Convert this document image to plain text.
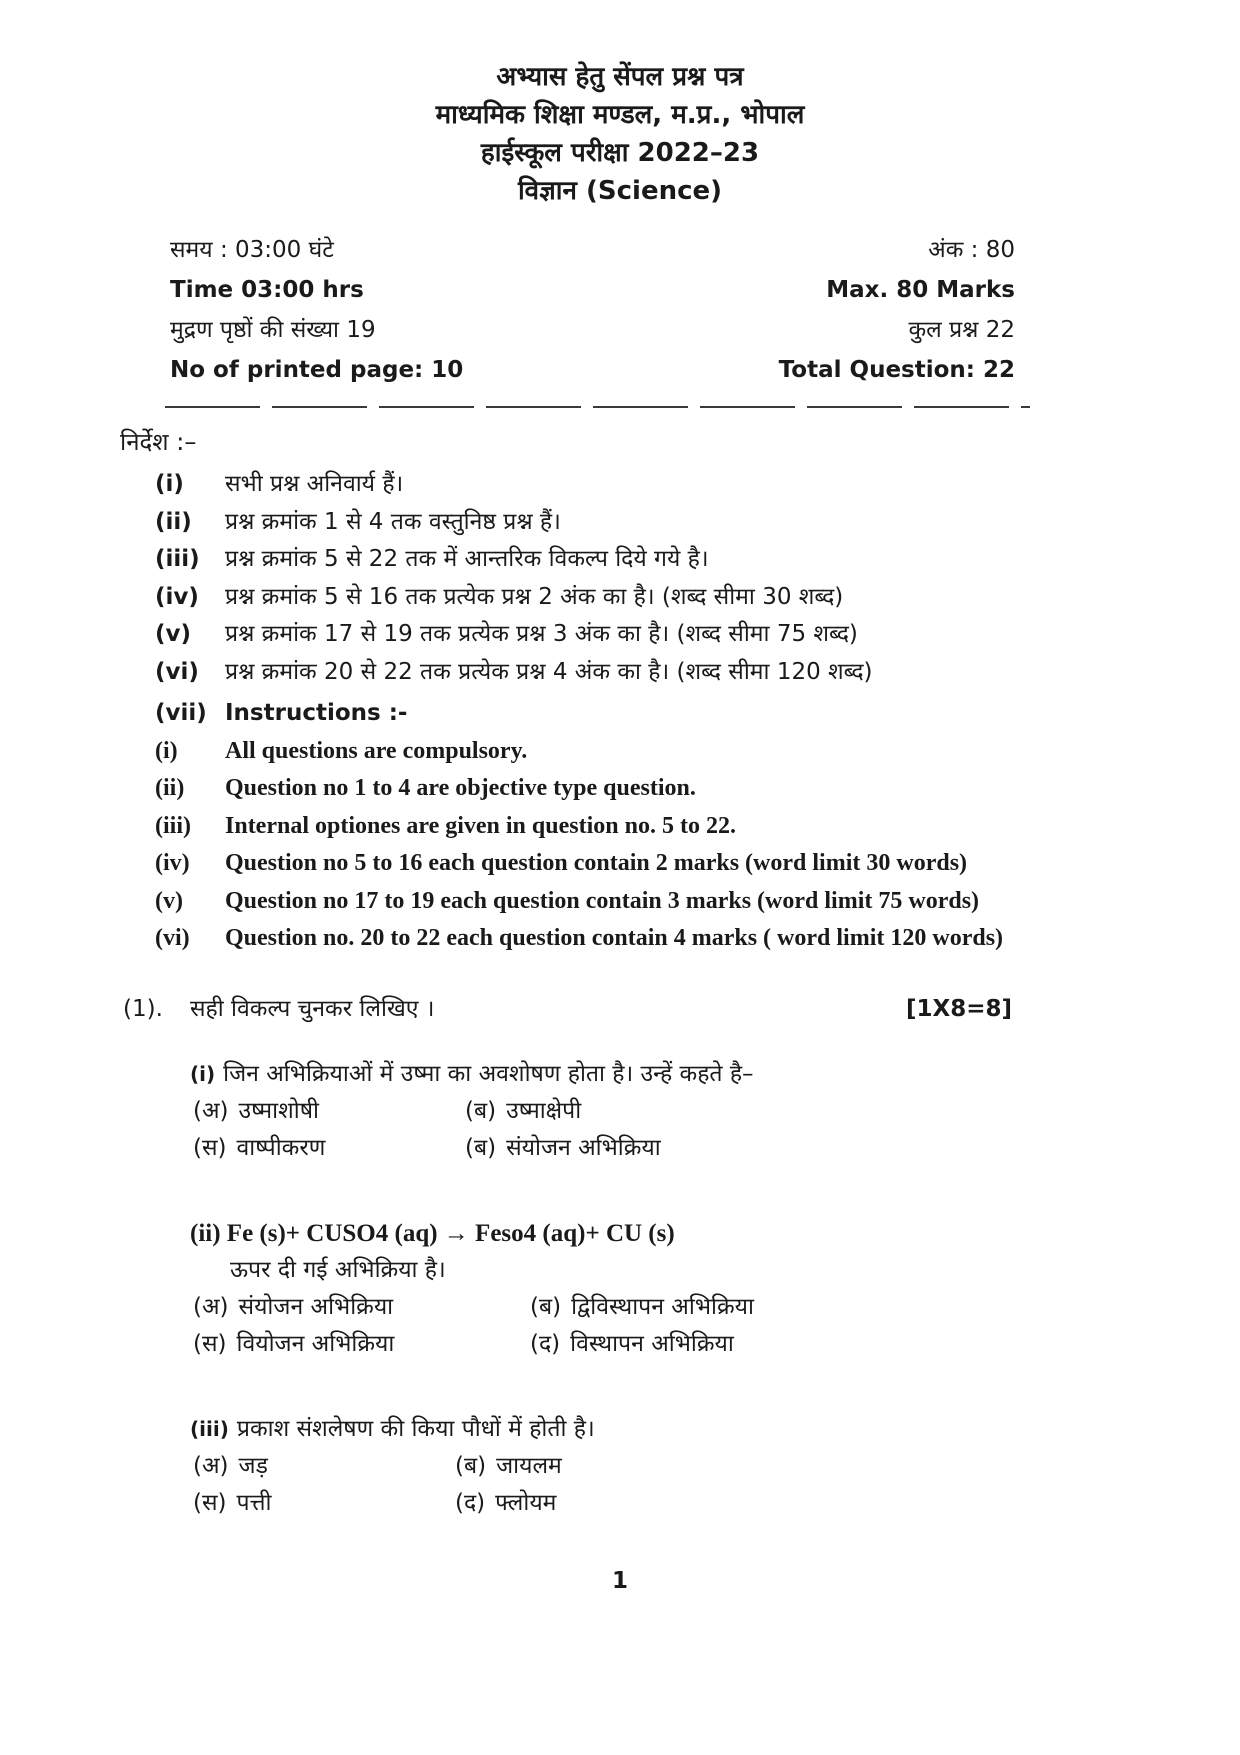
अभ्यास हेतु सेंपल प्रश्न पत्र
माध्यमिक शिक्षा मण्डल, म.प्र., भोपाल
हाईस्कूल परीक्षा 2022–23
विज्ञान (Science)
समय : 03:00 घंटे	अंक : 80
Time 03:00 hrs	Max. 80 Marks
मुद्रण पृष्ठों की संख्या 19	कुल प्रश्न 22
No of printed page: 10	Total Question: 22
निर्देश :–
(i)	सभी प्रश्न अनिवार्य हैं।
(ii)	प्रश्न क्रमांक 1 से 4 तक वस्तुनिष्ठ प्रश्न हैं।
(iii)	प्रश्न क्रमांक 5 से 22 तक में आन्तरिक विकल्प दिये गये है।
(iv)	प्रश्न क्रमांक 5 से 16 तक प्रत्येक प्रश्न 2 अंक का है। (शब्द सीमा 30 शब्द)
(v)	प्रश्न क्रमांक 17 से 19 तक प्रत्येक प्रश्न 3 अंक का है। (शब्द सीमा 75 शब्द)
(vi)	प्रश्न क्रमांक 20 से 22 तक प्रत्येक प्रश्न 4 अंक का है। (शब्द सीमा 120 शब्द)
(vii) Instructions :-
(i)	All questions are compulsory.
(ii)	Question no 1 to 4 are objective type question.
(iii)	Internal optiones are given in question no. 5 to 22.
(iv)	Question no 5 to 16 each question contain 2 marks (word limit 30 words)
(v)	Question no 17 to 19 each question contain 3 marks (word limit 75 words)
(vi)	Question no. 20 to 22 each question contain 4 marks ( word limit 120 words)
(1).	सही विकल्प चुनकर लिखिए ।	[1X8=8]
(i) जिन अभिक्रियाओं में उष्मा का अवशोषण होता है। उन्हें कहते है–
(अ) उष्माशोषी	(ब) उष्माक्षेपी
(स) वाष्पीकरण	(ब) संयोजन अभिक्रिया
(ii) Fe (s)+ CUSO4 (aq) → Feso4 (aq)+ CU (s)
ऊपर दी गई अभिक्रिया है।
(अ) संयोजन अभिक्रिया	(ब) द्विविस्थापन अभिक्रिया
(स) वियोजन अभिक्रिया	(द) विस्थापन अभिक्रिया
(iii) प्रकाश संशलेषण की किया पौधों में होती है।
(अ) जड़	(ब) जायलम
(स) पत्ती	(द) फ्लोयम
1
